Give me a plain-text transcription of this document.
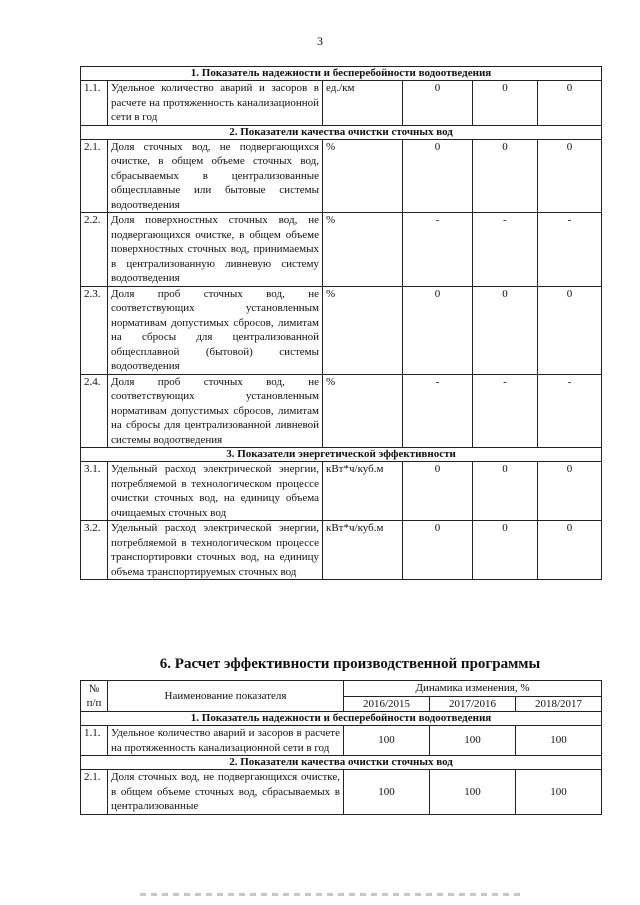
3
1. Показатель надежности и бесперебойности водоотведения					
1.1.	Удельное количество аварий и засоров в расчете на протяженность канализационной сети в год	ед./км	0	0	0
2. Показатели качества очистки сточных вод					
2.1.	Доля сточных вод, не подвергающихся очистке, в общем объеме сточных вод, сбрасываемых в централизованные общесплавные или бытовые системы водоотведения	%	0	0	0
2.2.	Доля поверхностных сточных вод, не подвергающихся очистке, в общем объеме поверхностных сточных вод, принимаемых в централизованную ливневую систему водоотведения	%	-	-	-
2.3.	Доля проб сточных вод, не соответствующих установленным нормативам допустимых сбросов, лимитам на сбросы для централизованной общесплавной (бытовой) системы водоотведения	%	0	0	0
2.4.	Доля проб сточных вод, не соответствующих установленным нормативам допустимых сбросов, лимитам на сбросы для централизованной ливневой системы водоотведения	%	-	-	-
3. Показатели энергетической эффективности					
3.1.	Удельный расход электрической энергии, потребляемой в технологическом процессе очистки сточных вод, на единицу объема очищаемых сточных вод	кВт*ч/куб.м	0	0	0
3.2.	Удельный расход электрической энергии, потребляемой в технологическом процессе транспортировки сточных вод, на единицу объема транспортируемых сточных вод	кВт*ч/куб.м	0	0	0
6. Расчет эффективности производственной программы
№
п/п	Наименование показателя	Динамика изменения, %		
		2016/2015	2017/2016	2018/2017
1. Показатель надежности и бесперебойности водоотведения				
1.1.	Удельное количество аварий и засоров в расчете на протяженность канализационной сети в год	100	100	100
2. Показатели качества очистки сточных вод				
2.1.	Доля сточных вод, не подвергающихся очистке, в общем объеме сточных вод, сбрасываемых в централизованные	100	100	100
